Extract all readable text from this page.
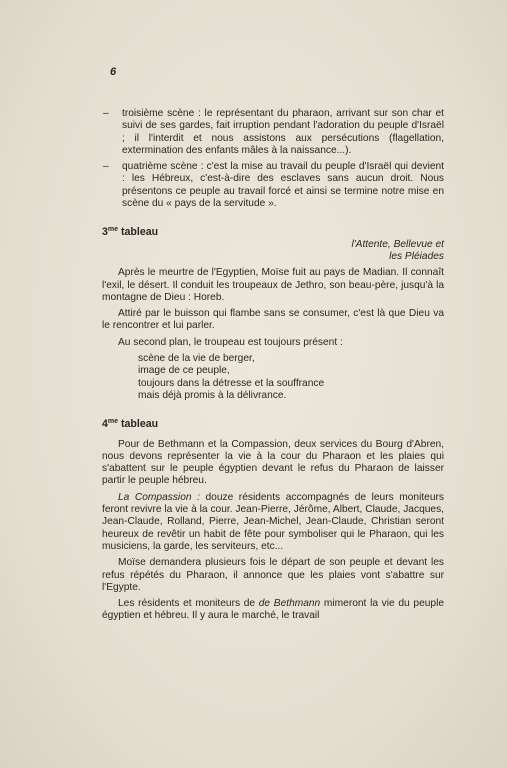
6
– troisième scène : le représentant du pharaon, arrivant sur son char et suivi de ses gardes, fait irruption pendant l'adoration du peuple d'Israël ; il l'interdit et nous assistons aux persécutions (flagellation, extermination des enfants mâles à la naissance...).

– quatrième scène : c'est la mise au travail du peuple d'Israël qui devient : les Hébreux, c'est-à-dire des esclaves sans aucun droit. Nous présentons ce peuple au travail forcé et ainsi se termine notre mise en scène du « pays de la servitude ».

$3^{me}$ tableau
l'Attente, Bellevue et
les Pléiades

Après le meurtre de l'Egyptien, Moïse fuit au pays de Madian. Il connaît l'exil, le désert. Il conduit les troupeaux de Jethro, son beau-père, jusqu'à la montagne de Dieu : Horeb.

Attiré par le buisson qui flambe sans se consumer, c'est là que Dieu va le rencontrer et lui parler.

Au second plan, le troupeau est toujours présent :

scène de la vie de berger,
image de ce peuple,
toujours dans la détresse et la souffrance
mais déjà promis à la délivrance.
$4^{me}$ tableau

Pour de Bethmann et la Compassion, deux services du Bourg d'Abren, nous devons représenter la vie à la cour du Pharaon et les plaies qui s'abattent sur le peuple égyptien devant le refus du Pharaon de laisser partir le peuple hébreu.

La Compassion : douze résidents accompagnés de leurs moniteurs feront revivre la vie à la cour. Jean-Pierre, Jérôme, Albert, Claude, Jacques, Jean-Claude, Rolland, Pierre, Jean-Michel, Jean-Claude, Christian seront heureux de revêtir un habit de fête pour symboliser qui le Pharaon, qui les musiciens, la garde, les serviteurs, etc...

Moïse demandera plusieurs fois le départ de son peuple et devant les refus répétés du Pharaon, il annonce que les plaies vont s'abattre sur l'Egypte.

Les résidents et moniteurs de de Bethmann mimeront la vie du peuple égyptien et hébreu. Il y aura le marché, le travail
